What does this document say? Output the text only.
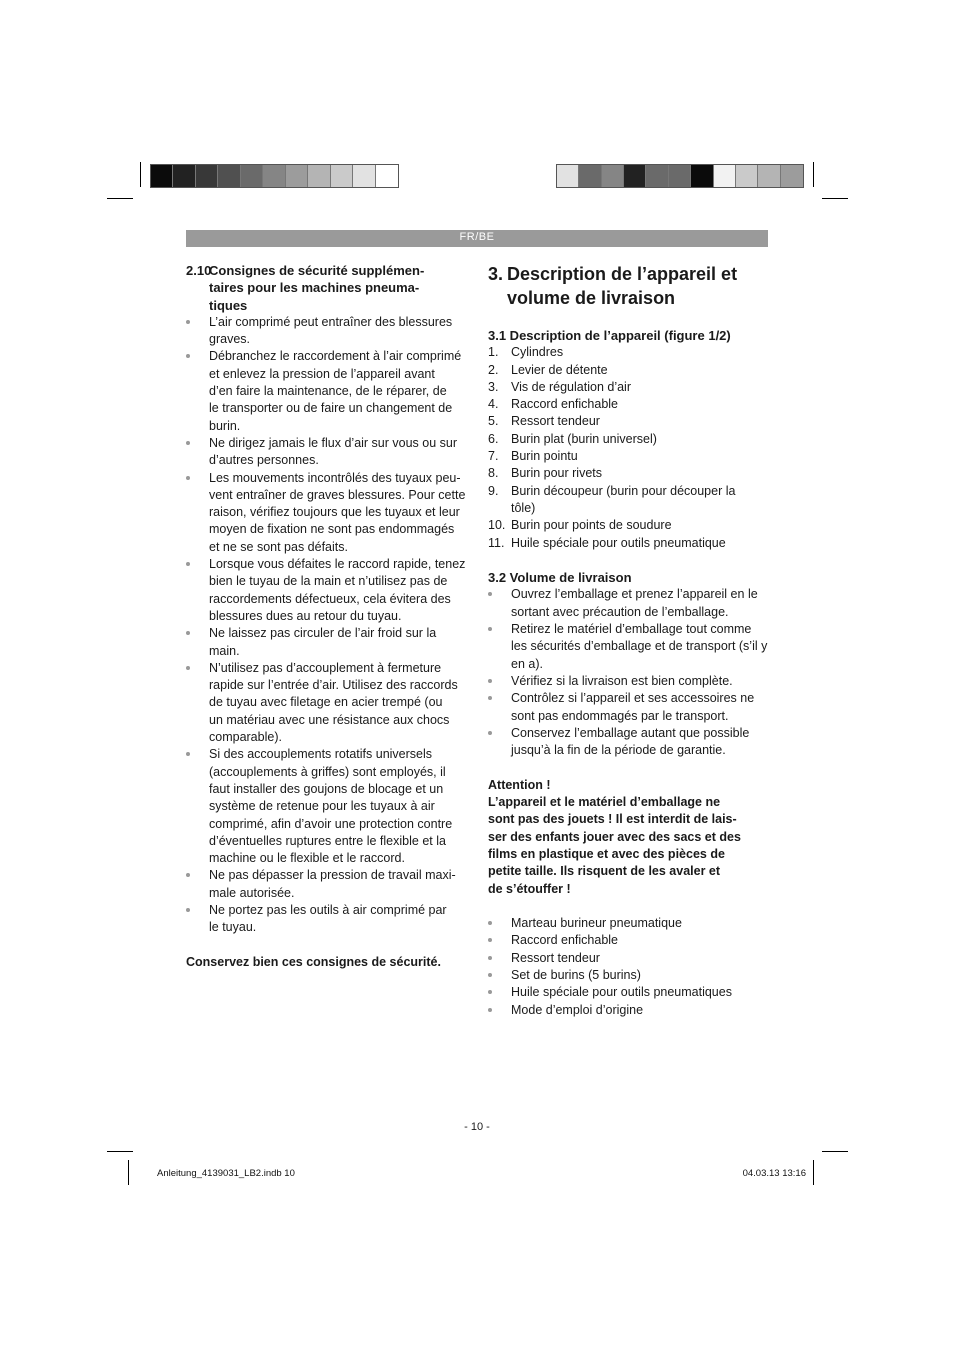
FR/BE
2.10
Consignes de sécurité supplémen-
taires pour les machines pneuma-
tiques
L’air comprimé peut entraîner des blessures
graves.
Débranchez le raccordement à l’air comprimé
et enlevez la pression de l’appareil avant
d’en faire la maintenance, de le réparer, de
le transporter ou de faire un changement de
burin.
Ne dirigez jamais le flux d’air sur vous ou sur
d’autres personnes.
Les mouvements incontrôlés des tuyaux peu-
vent entraîner de graves blessures. Pour cette
raison, vérifiez toujours que les tuyaux et leur
moyen de fixation ne sont pas endommagés
et ne se sont pas défaits.
Lorsque vous défaites le raccord rapide, tenez
bien le tuyau de la main et n’utilisez pas de
raccordements défectueux, cela évitera des
blessures dues au retour du tuyau.
Ne laissez pas circuler de l’air froid sur la
main.
N’utilisez pas d’accouplement à fermeture
rapide sur l’entrée d’air. Utilisez des raccords
de tuyau avec filetage en acier trempé (ou
un matériau avec une résistance aux chocs
comparable).
Si des accouplements rotatifs universels
(accouplements à griffes) sont employés, il
faut installer des goujons de blocage et un
système de retenue pour les tuyaux à air
comprimé, afin d’avoir une protection contre
d’éventuelles ruptures entre le flexible et la
machine ou le flexible et le raccord.
Ne pas dépasser la pression de travail maxi-
male autorisée.
Ne portez pas les outils à air comprimé par
le tuyau.
Conservez bien ces consignes de sécurité.
3. Description de l’appareil et
volume de livraison
3.1 Description de l’appareil (figure 1/2)
1. Cylindres
2. Levier de détente
3. Vis de régulation d’air
4. Raccord enfichable
5. Ressort tendeur
6. Burin plat (burin universel)
7. Burin pointu
8. Burin pour rivets
9. Burin découpeur (burin pour découper la
tôle)
10. Burin pour points de soudure
11. Huile spéciale pour outils pneumatique
3.2 Volume de livraison
Ouvrez l’emballage et prenez l’appareil en le
sortant avec précaution de l’emballage.
Retirez le matériel d’emballage tout comme
les sécurités d’emballage et de transport (s’il y
en a).
Vérifiez si la livraison est bien complète.
Contrôlez si l’appareil et ses accessoires ne
sont pas endommagés par le transport.
Conservez l’emballage autant que possible
jusqu’à la fin de la période de garantie.
Attention !
L’appareil et le matériel d’emballage ne
sont pas des jouets ! Il est interdit de lais-
ser des enfants jouer avec des sacs et des
films en plastique et avec des pièces de
petite taille. Ils risquent de les avaler et
de s’étouffer !
Marteau burineur pneumatique
Raccord enfichable
Ressort tendeur
Set de burins (5 burins)
Huile spéciale pour outils pneumatiques
Mode d’emploi d’origine
- 10 -
Anleitung_4139031_LB2.indb 10	04.03.13 13:16
